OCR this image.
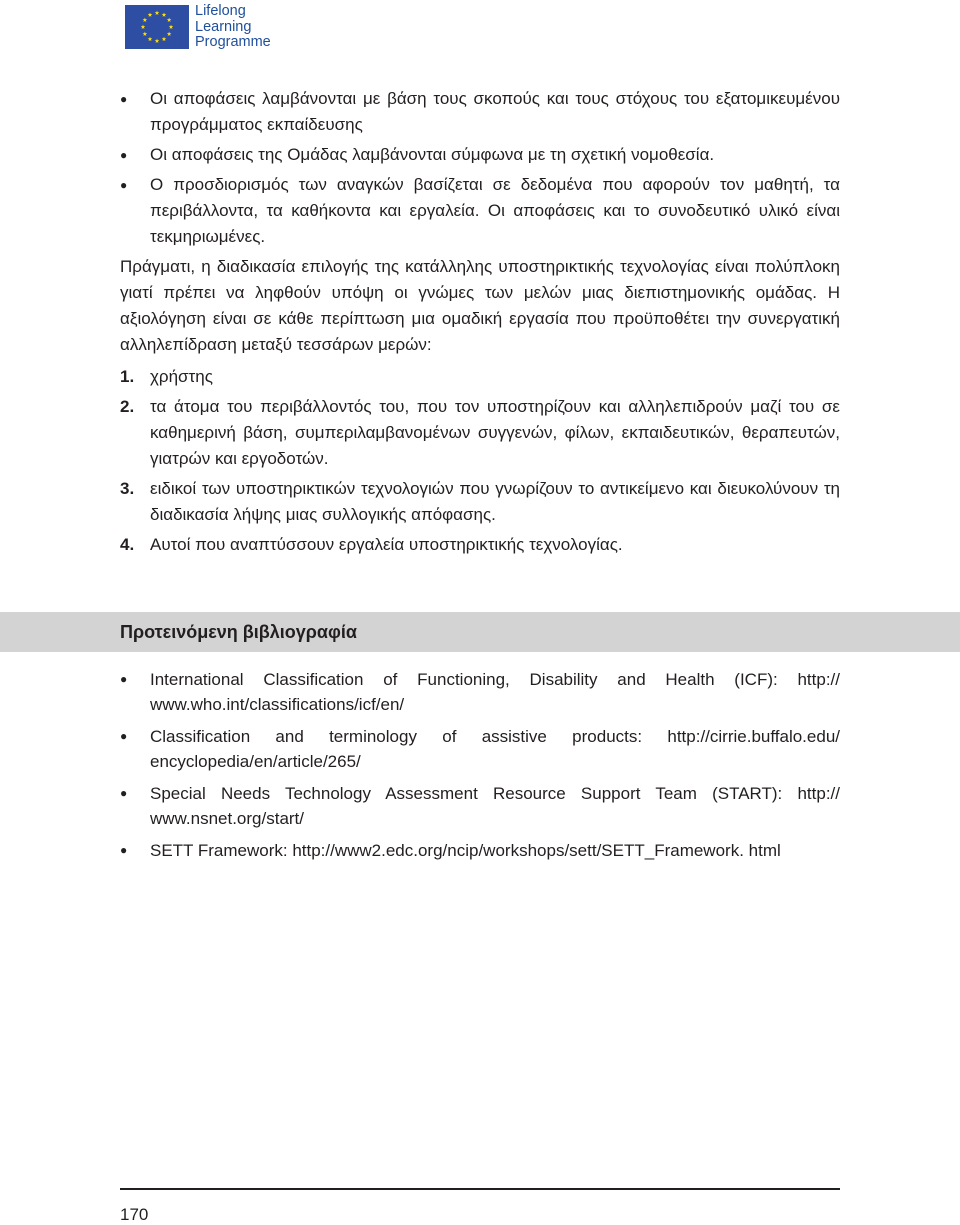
Lifelong
Learning
Programme
● Οι αποφάσεις λαμβάνονται με βάση τους σκοπούς και τους στόχους του εξατομικευμένου προγράμματος εκπαίδευσης
● Οι αποφάσεις της Ομάδας λαμβάνονται σύμφωνα με τη σχετική νομοθεσία.
● Ο προσδιορισμός των αναγκών βασίζεται σε δεδομένα που αφορούν τον μαθητή, τα περιβάλλοντα, τα καθήκοντα και εργαλεία. Οι αποφάσεις και το συνοδευτικό υλικό είναι τεκμηριωμένες.

Πράγματι, η διαδικασία επιλογής της κατάλληλης υποστηρικτικής τεχνολογίας είναι πολύπλοκη γιατί πρέπει να ληφθούν υπόψη οι γνώμες των μελών μιας διεπιστημονικής ομάδας. Η αξιολόγηση είναι σε κάθε περίπτωση μια ομαδική εργασία που προϋποθέτει την συνεργατική αλληλεπίδραση μεταξύ τεσσάρων μερών:

1. χρήστης
2. τα άτομα του περιβάλλοντός του, που τον υποστηρίζουν και αλληλεπιδρούν μαζί του σε καθημερινή βάση, συμπεριλαμβανομένων συγγενών, φίλων, εκπαιδευτικών, θεραπευτών, γιατρών και εργοδοτών.
3. ειδικοί των υποστηρικτικών τεχνολογιών που γνωρίζουν το αντικείμενο και διευκολύνουν τη διαδικασία λήψης μιας συλλογικής απόφασης.
4. Αυτοί που αναπτύσσουν εργαλεία υποστηρικτικής τεχνολογίας.
Προτεινόμενη βιβλιογραφία
● International Classification of Functioning, Disability and Health (ICF): http:// www.who.int/classifications/icf/en/
● Classification and terminology of assistive products: http://cirrie.buffalo.edu/ encyclopedia/en/article/265/
● Special Needs Technology Assessment Resource Support Team (START): http:// www.nsnet.org/start/
● SETT Framework: http://www2.edc.org/ncip/workshops/sett/SETT_Framework. html
170
